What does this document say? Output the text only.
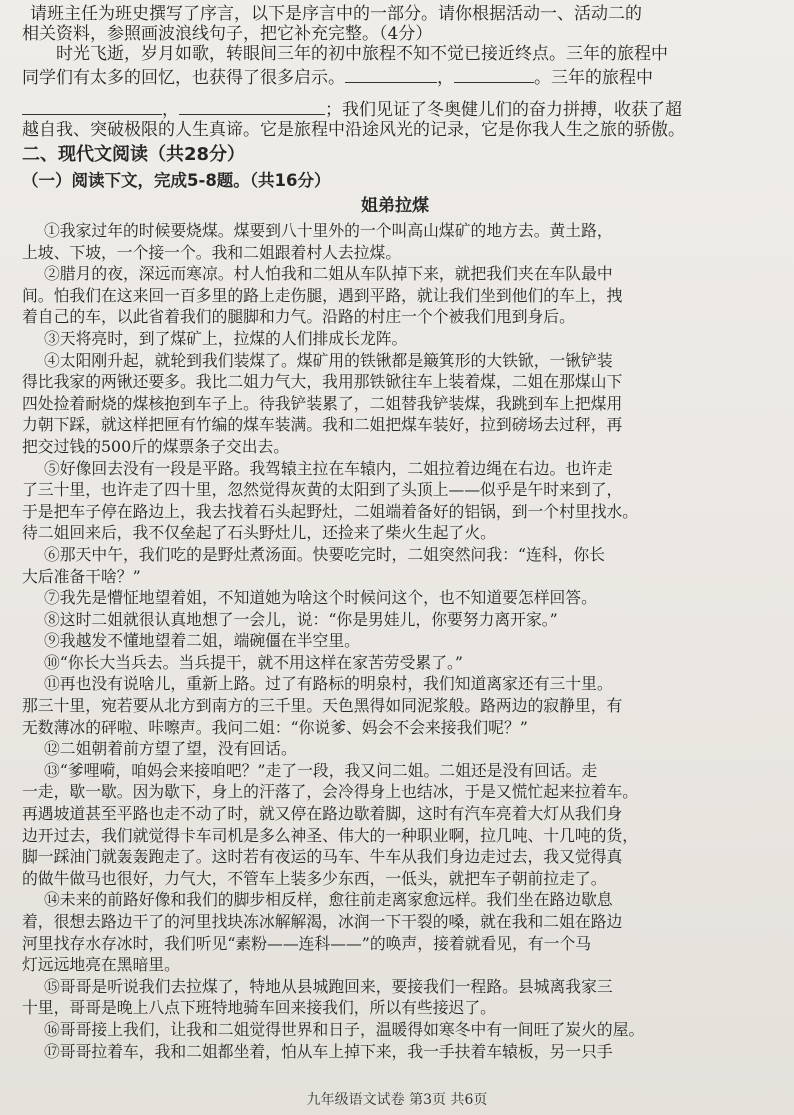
请班主任为班史撰写了序言，以下是序言中的一部分。请你根据活动一、活动二的
相关资料，参照画波浪线句子，把它补充完整。（4分）
时光飞逝，岁月如歌，转眼间三年的初中旅程不知不觉已接近终点。三年的旅程中
同学们有太多的回忆，也获得了很多启示。	，	。三年的旅程中
，	；我们见证了冬奥健儿们的奋力拼搏，收获了超
越自我、突破极限的人生真谛。它是旅程中沿途风光的记录，它是你我人生之旅的骄傲。
二、现代文阅读（共28分）
（一）阅读下文，完成5-8题。（共16分）
姐弟拉煤
①我家过年的时候要烧煤。煤要到八十里外的一个叫高山煤矿的地方去。黄土路，
上坡、下坡，一个接一个。我和二姐跟着村人去拉煤。
②腊月的夜，深远而寒凉。村人怕我和二姐从车队掉下来，就把我们夹在车队最中
间。怕我们在这来回一百多里的路上走伤腿，遇到平路，就让我们坐到他们的车上，拽
着自己的车，以此省着我们的腿脚和力气。沿路的村庄一个个被我们甩到身后。
③天将亮时，到了煤矿上，拉煤的人们排成长龙阵。
④太阳刚升起，就轮到我们装煤了。煤矿用的铁锹都是簸箕形的大铁锨，一锹铲装
得比我家的两锹还要多。我比二姐力气大，我用那铁锨往车上装着煤，二姐在那煤山下
四处捡着耐烧的煤核抱到车子上。待我铲装累了，二姐替我铲装煤，我跳到车上把煤用
力朝下踩，就这样把匣有竹编的煤车装满。我和二姐把煤车装好，拉到磅场去过秤，再
把交过钱的500斤的煤票条子交出去。
⑤好像回去没有一段是平路。我驾辕主拉在车辕内，二姐拉着边绳在右边。也许走
了三十里，也许走了四十里，忽然觉得灰黄的太阳到了头顶上——似乎是午时来到了，
于是把车子停在路边上，我去找着石头起野灶，二姐端着备好的铝锅，到一个村里找水。
待二姐回来后，我不仅垒起了石头野灶儿，还捡来了柴火生起了火。
⑥那天中午，我们吃的是野灶煮汤面。快要吃完时，二姐突然问我：“连科，你长
大后准备干啥？”
⑦我先是懵怔地望着姐，不知道她为啥这个时候问这个，也不知道要怎样回答。
⑧这时二姐就很认真地想了一会儿，说：“你是男娃儿，你要努力离开家。”
⑨我越发不懂地望着二姐，端碗僵在半空里。
⑩“你长大当兵去。当兵提干，就不用这样在家苦劳受累了。”
⑪再也没有说啥儿，重新上路。过了有路标的明泉村，我们知道离家还有三十里。
那三十里，宛若要从北方到南方的三千里。天色黑得如同泥浆般。路两边的寂静里，有
无数薄冰的砰啦、咔嚓声。我问二姐：“你说爹、妈会不会来接我们呢？”
⑫二姐朝着前方望了望，没有回话。
⑬“爹哩嗬，咱妈会来接咱吧？”走了一段，我又问二姐。二姐还是没有回话。走
一走，歇一歇。因为歇下，身上的汗落了，会冷得身上也结冰，于是又慌忙起来拉着车。
再遇坡道甚至平路也走不动了时，就又停在路边歇着脚，这时有汽车亮着大灯从我们身
边开过去，我们就觉得卡车司机是多么神圣、伟大的一种职业啊，拉几吨、十几吨的货，
脚一踩油门就轰轰跑走了。这时若有夜运的马车、牛车从我们身边走过去，我又觉得真
的做牛做马也很好，力气大，不管车上装多少东西，一低头，就把车子朝前拉走了。
⑭未来的前路好像和我们的脚步相反样，愈往前走离家愈远样。我们坐在路边歇息
着，很想去路边干了的河里找块冻冰解解渴，冰润一下干裂的嗓，就在我和二姐在路边
河里找存水存冰时，我们听见“素粉——连科——”的唤声，接着就看见，有一个马
灯远远地亮在黑暗里。
⑮哥哥是听说我们去拉煤了，特地从县城跑回来，要接我们一程路。县城离我家三
十里，哥哥是晚上八点下班特地骑车回来接我们，所以有些接迟了。
⑯哥哥接上我们，让我和二姐觉得世界和日子，温暖得如寒冬中有一间旺了炭火的屋。
⑰哥哥拉着车，我和二姐都坐着，怕从车上掉下来，我一手扶着车辕板，另一只手
九年级语文试卷 第3页 共6页
